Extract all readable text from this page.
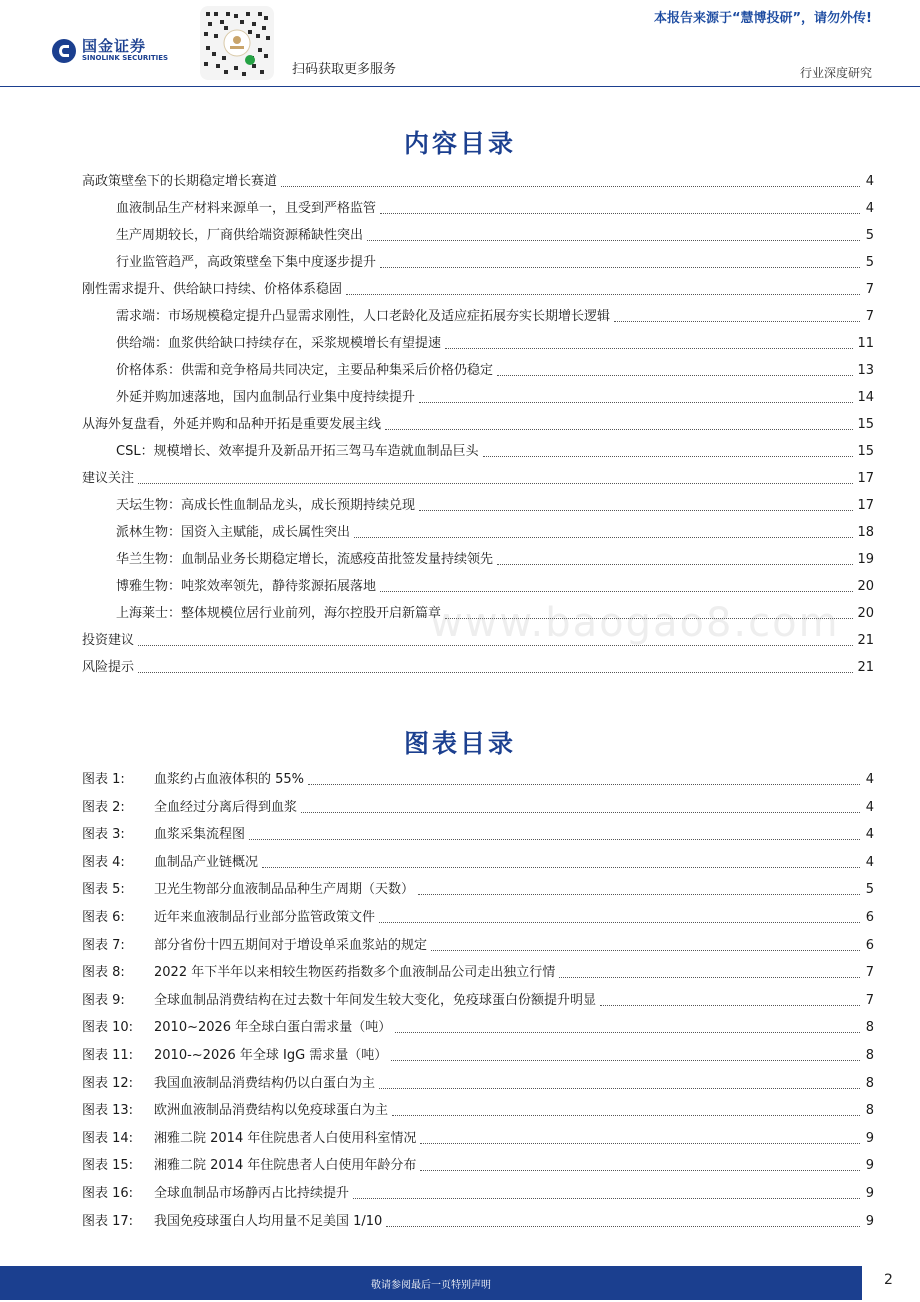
国金证券
SINOLINK SECURITIES
扫码获取更多服务
本报告来源于“慧博投研”，请勿外传!
行业深度研究
内容目录
高政策壁垒下的长期稳定增长赛道	4
血液制品生产材料来源单一，且受到严格监管	4
生产周期较长，厂商供给端资源稀缺性突出	5
行业监管趋严，高政策壁垒下集中度逐步提升	5
刚性需求提升、供给缺口持续、价格体系稳固	7
需求端：市场规模稳定提升凸显需求刚性，人口老龄化及适应症拓展夯实长期增长逻辑	7
供给端：血浆供给缺口持续存在，采浆规模增长有望提速	11
价格体系：供需和竞争格局共同决定，主要品种集采后价格仍稳定	13
外延并购加速落地，国内血制品行业集中度持续提升	14
从海外复盘看，外延并购和品种开拓是重要发展主线	15
CSL：规模增长、效率提升及新品开拓三驾马车造就血制品巨头	15
建议关注	17
天坛生物：高成长性血制品龙头，成长预期持续兑现	17
派林生物：国资入主赋能，成长属性突出	18
华兰生物：血制品业务长期稳定增长，流感疫苗批签发量持续领先	19
博雅生物：吨浆效率领先，静待浆源拓展落地	20
上海莱士：整体规模位居行业前列，海尔控股开启新篇章	20
投资建议	21
风险提示	21
图表目录
图表 1:	血浆约占血液体积的 55%	4
图表 2:	全血经过分离后得到血浆	4
图表 3:	血浆采集流程图	4
图表 4:	血制品产业链概况	4
图表 5:	卫光生物部分血液制品品种生产周期（天数）	5
图表 6:	近年来血液制品行业部分监管政策文件	6
图表 7:	部分省份十四五期间对于增设单采血浆站的规定	6
图表 8:	2022 年下半年以来相较生物医药指数多个血液制品公司走出独立行情	7
图表 9:	全球血制品消费结构在过去数十年间发生较大变化，免疫球蛋白份额提升明显	7
图表 10:	2010~2026 年全球白蛋白需求量（吨）	8
图表 11:	2010-~2026 年全球 IgG 需求量（吨）	8
图表 12:	我国血液制品消费结构仍以白蛋白为主	8
图表 13:	欧洲血液制品消费结构以免疫球蛋白为主	8
图表 14:	湘雅二院 2014 年住院患者人白使用科室情况	9
图表 15:	湘雅二院 2014 年住院患者人白使用年龄分布	9
图表 16:	全球血制品市场静丙占比持续提升	9
图表 17:	我国免疫球蛋白人均用量不足美国 1/10	9
www.baogao8.com
敬请参阅最后一页特别声明	2
